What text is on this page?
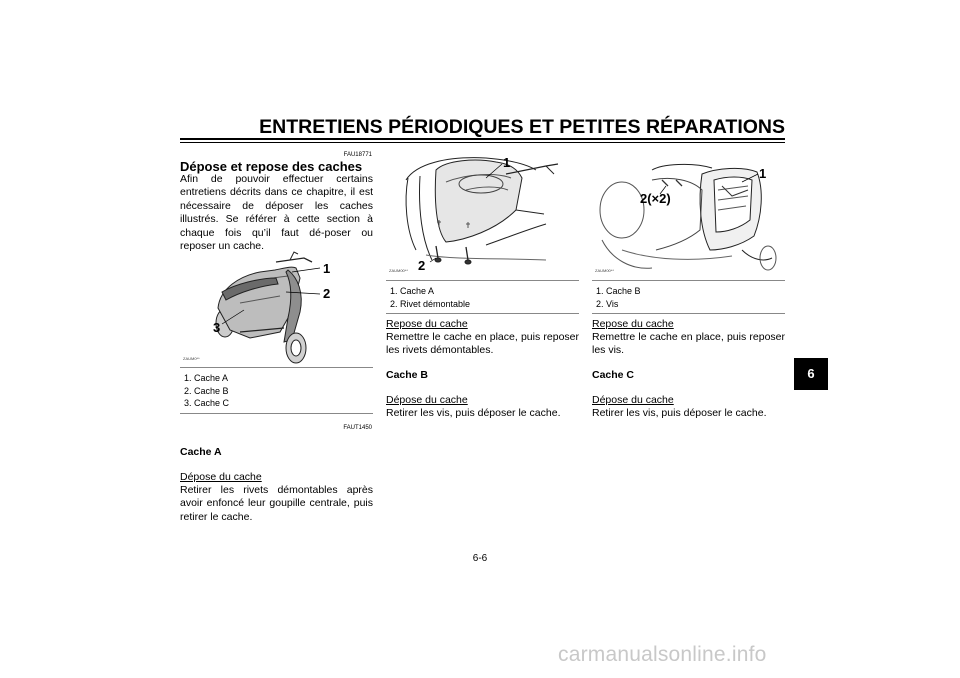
ENTRETIENS PÉRIODIQUES ET PETITES RÉPARATIONS
FAU18771
Dépose et repose des caches
Afin de pouvoir effectuer certains entretiens décrits dans ce chapitre, il est nécessaire de déposer les caches illustrés. Se référer à cette section à chaque fois qu’il faut dé-poser ou reposer un cache.
1
2
3
ZAUM0**
1. Cache A
2. Cache B
3. Cache C
FAUT1450
Cache A
Dépose du cache
Retirer les rivets démontables après avoir enfoncé leur goupille centrale, puis retirer le cache.
1
2
ZAUM00**
1. Cache A
2. Rivet démontable
Repose du cache
Remettre le cache en place, puis reposer les rivets démontables.
Cache B
Dépose du cache
Retirer les vis, puis déposer le cache.
1
2(×2)
ZAUM00**
1. Cache B
2. Vis
Repose du cache
Remettre le cache en place, puis reposer les vis.
Cache C
Dépose du cache
Retirer les vis, puis déposer le cache.
6
6-6
carmanualsonline.info
